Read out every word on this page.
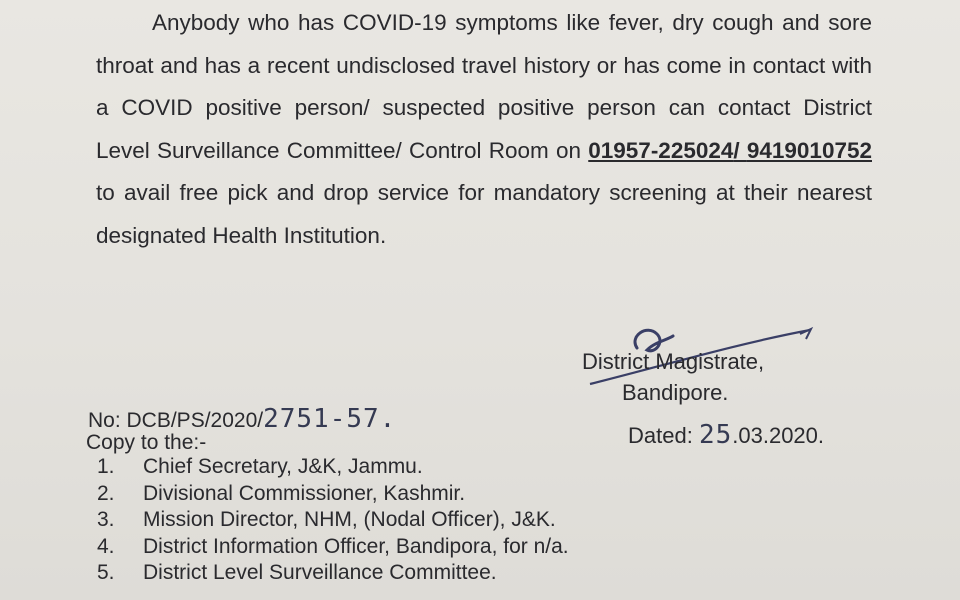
Anybody who has COVID-19 symptoms like fever, dry cough and sore throat and has a recent undisclosed travel history or has come in contact with a COVID positive person/ suspected positive person can contact District Level Surveillance Committee/ Control Room on 01957-225024/ 9419010752 to avail free pick and drop service for mandatory screening at their nearest designated Health Institution.

District Magistrate,

Bandipore.

No: DCB/PS/2020/2751-57.

Dated: 25.03.2020.

Copy to the:-

1. Chief Secretary, J&K, Jammu.
2. Divisional Commissioner, Kashmir.
3. Mission Director, NHM, (Nodal Officer), J&K.
4. District Information Officer, Bandipora, for n/a.
5. District Level Surveillance Committee.
